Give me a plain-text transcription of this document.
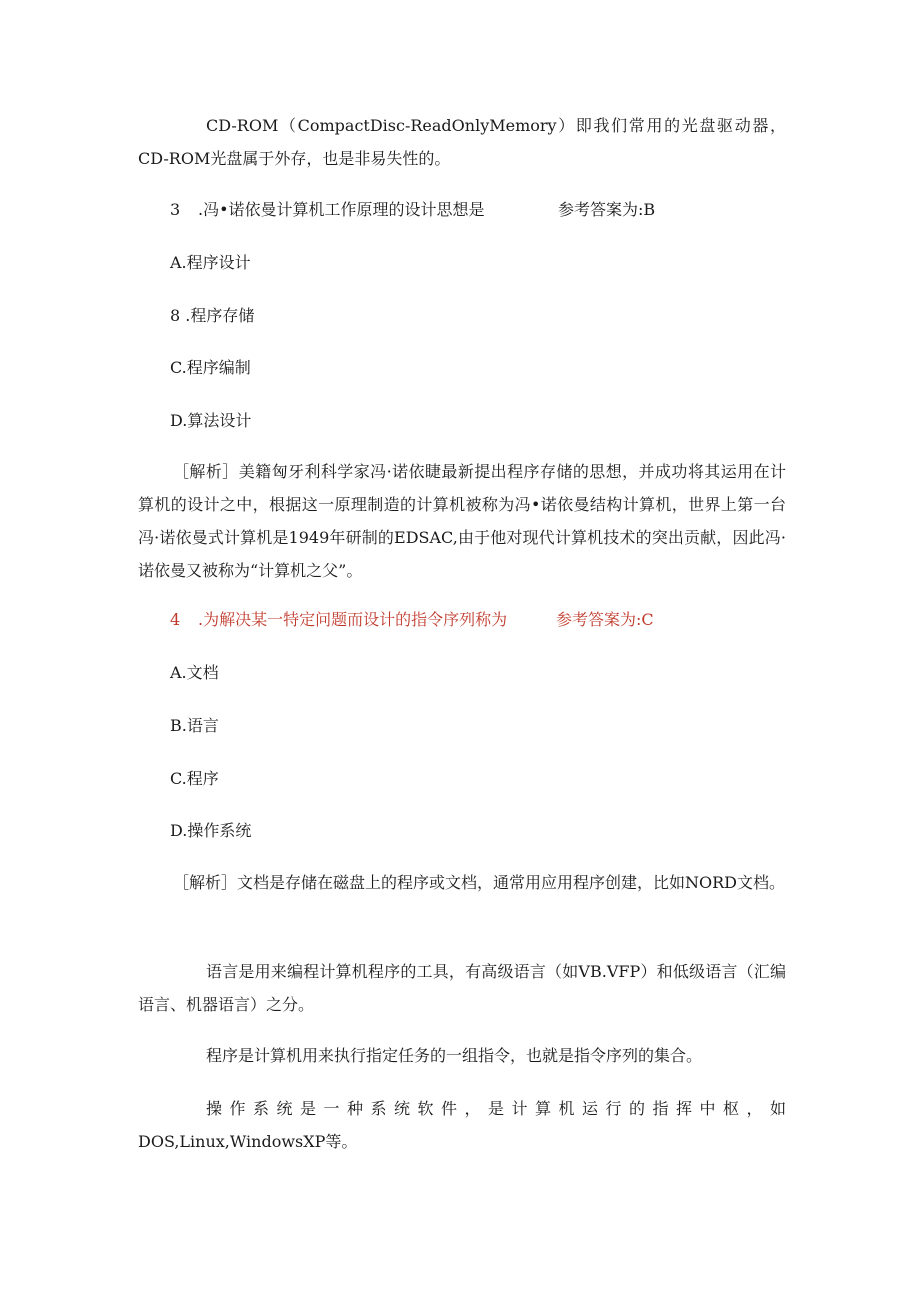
CD-ROM（CompactDisc-ReadOnlyMemory）即我们常用的光盘驱动器，CD-ROM光盘属于外存，也是非易失性的。

3 .冯•诺依曼计算机工作原理的设计思想是	参考答案为:B
A.程序设计
8 .程序存储
C.程序编制
D.算法设计

［解析］美籍匈牙利科学家冯·诺依睫最新提出程序存储的思想，并成功将其运用在计算机的设计之中，根据这一原理制造的计算机被称为冯•诺依曼结构计算机，世界上第一台冯·诺依曼式计算机是1949年研制的EDSAC,由于他对现代计算机技术的突出贡献，因此冯·诺依曼又被称为“计算机之父”。

4 .为解决某一特定问题而设计的指令序列称为	参考答案为:C
A.文档
B.语言
C.程序
D.操作系统

［解析］文档是存储在磁盘上的程序或文档，通常用应用程序创建，比如NORD文档。

语言是用来编程计算机程序的工具，有高级语言（如VB.VFP）和低级语言（汇编语言、机器语言）之分。

程序是计算机用来执行指定任务的一组指令，也就是指令序列的集合。

操作系统是一种系统软件，是计算机运行的指挥中枢，如DOS,Linux,WindowsXP等。
